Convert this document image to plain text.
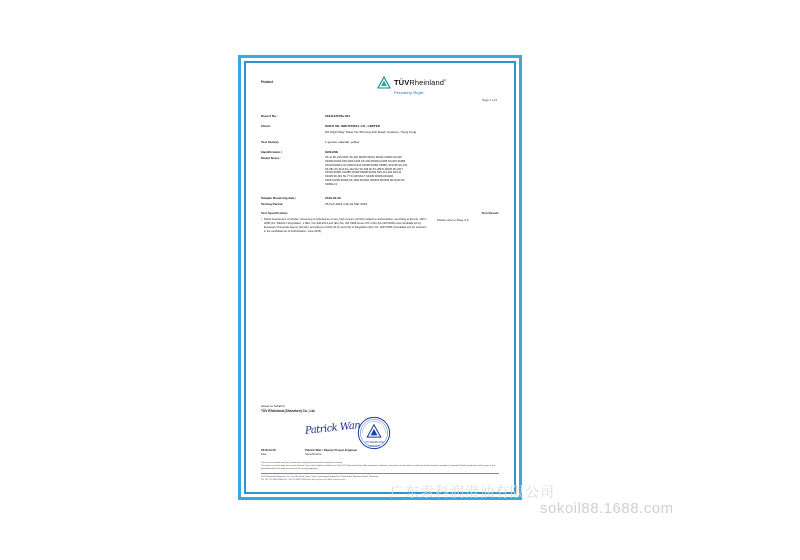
Product	TÜVRheinland®
Precisely Right.
Page 1 of 9
Report No.:	0184123578a-001
Client:	SOKO OIL INDUSTRIAL CO., LIMITED
5/F Right Way Tower No.39 Kong Koh Road, Kowloon, Hong Kong
Test Item(s):	1 grease material, yellow
Identification /	GREASE
Model No(s).:	SK-11 SK-015-SK01 SK-202 SK009 SK061 SK026 OHMP OH-300
SK009-001SK-005-2000 KA06 KN-100 KN009-KA008 KN-000 SK985
SK2101SK011 OF-2200 KK123 SK008 SK081 SK882- SK2135 SK-133
SK-081 SK-0110 KA-122-011 SK-008 SK-PL-288 N-00100 SK-2017
SK009 SK881 SH-886 SK008 SK008 SK009 SK9-113-022 SK5-11
SK009 SK-001 SK-77 01-98 SK2-7 SK409 SK008-0N-9000
SK09-5123N SK099 SK-1090 SK2200 SK0003 SK0009 SK12230 SK
SK80H-13
Sample Receiving date:	2016-02-26
Testing Period:	25 Feb 2016 until 04 Mar 2016
Test Specification:	Test Result:
• RoHS Assessment of Articles: Screening of substances of very high concern (SVHC) subject to authorisation, according to EU-No. 1907 / 2006 (the "REACH"-Regulation, 1.0EU / No.448-2014 and (EU) No. 2017/999 Annex XIV of EC-No.1907/2006) and candidate list by European Chemicals Agency (ECHA), according to Article 59 (1) and (10) of Regulation (EC) No. 1907/2006 (Candidate List for inclusion in the candidate list of Authorisation, June 2015).
Please refer to Page 2-9
Issued on behalf of
TÜV Rheinland (Shenzhen) Co., Ltd.
Patrick Wan
TUV RHEINLAND
SHENZHEN
2016-03-05	Patrick Wan / Deputy Project Engineer
Date	Name/Position
This test result relates only to the particular sample(s) tested and the sample(s) retained.
This report is issued under the current General Terms and Conditions of Business of the TÜV Rheinland Group. Any statement, certificate, assessment or attestation is valid only for the particular sample(s) examined. Partial reproduction of this report is not permitted without the written consent of the issuing laboratory.
TÜV Rheinland (Shenzhen) Co., Ltd. 8F, South Tower, Qiyun Technology Building No.1, Kefa Road, Nanshan District, Shenzhen
Tel: +86 755 8828 0888 Fax: +86 755 8828 0333 Mail: service@tuv.com Web: www.tuv.com
广东索科润滑油有限公司
sokoil88.1688.com
